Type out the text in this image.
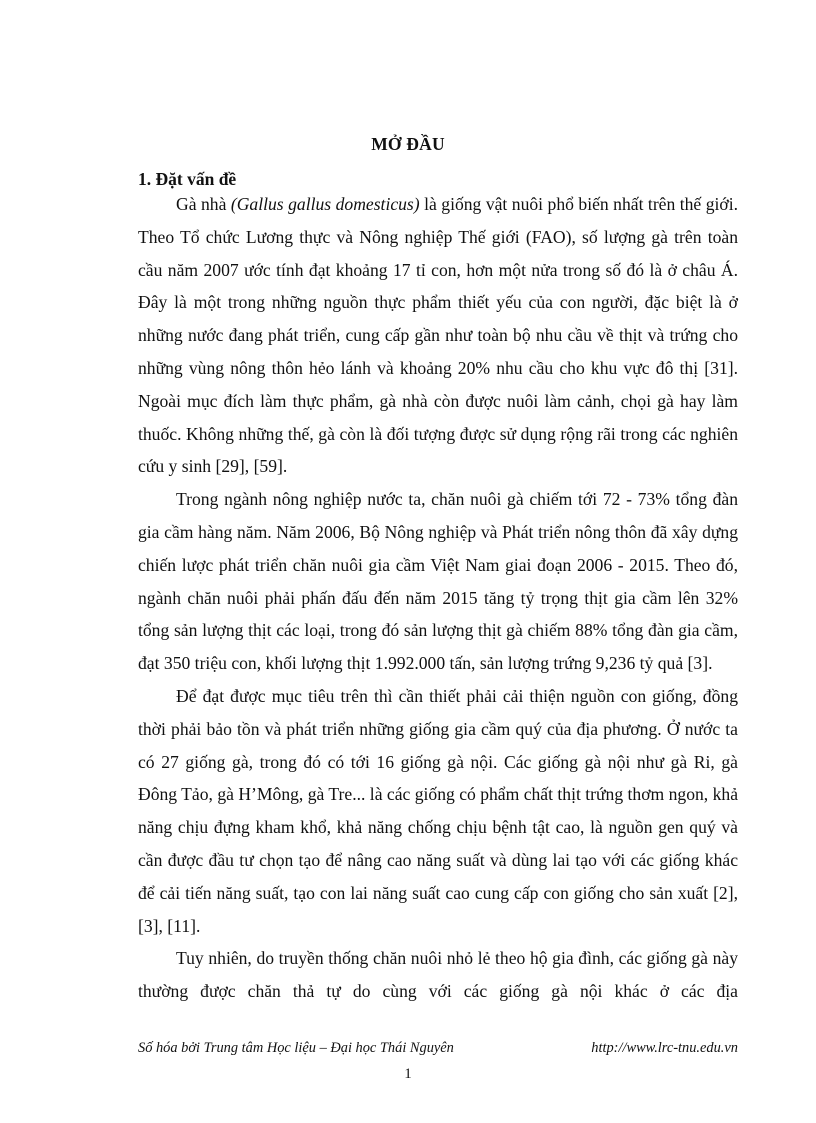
MỞ ĐẦU
1. Đặt vấn đề

Gà nhà (Gallus gallus domesticus) là giống vật nuôi phổ biến nhất trên thế giới. Theo Tổ chức Lương thực và Nông nghiệp Thế giới (FAO), số lượng gà trên toàn cầu năm 2007 ước tính đạt khoảng 17 tỉ con, hơn một nửa trong số đó là ở châu Á. Đây là một trong những nguồn thực phẩm thiết yếu của con người, đặc biệt là ở những nước đang phát triển, cung cấp gần như toàn bộ nhu cầu về thịt và trứng cho những vùng nông thôn hẻo lánh và khoảng 20% nhu cầu cho khu vực đô thị [31]. Ngoài mục đích làm thực phẩm, gà nhà còn được nuôi làm cảnh, chọi gà hay làm thuốc. Không những thế, gà còn là đối tượng được sử dụng rộng rãi trong các nghiên cứu y sinh [29], [59].

Trong ngành nông nghiệp nước ta, chăn nuôi gà chiếm tới 72 - 73% tổng đàn gia cầm hàng năm. Năm 2006, Bộ Nông nghiệp và Phát triển nông thôn đã xây dựng chiến lược phát triển chăn nuôi gia cầm Việt Nam giai đoạn 2006 - 2015. Theo đó, ngành chăn nuôi phải phấn đấu đến năm 2015 tăng tỷ trọng thịt gia cầm lên 32% tổng sản lượng thịt các loại, trong đó sản lượng thịt gà chiếm 88% tổng đàn gia cầm, đạt 350 triệu con, khối lượng thịt 1.992.000 tấn, sản lượng trứng 9,236 tỷ quả [3].

Để đạt được mục tiêu trên thì cần thiết phải cải thiện nguồn con giống, đồng thời phải bảo tồn và phát triển những giống gia cầm quý của địa phương. Ở nước ta có 27 giống gà, trong đó có tới 16 giống gà nội. Các giống gà nội như gà Ri, gà Đông Tảo, gà H’Mông, gà Tre... là các giống có phẩm chất thịt trứng thơm ngon, khả năng chịu đựng kham khổ, khả năng chống chịu bệnh tật cao, là nguồn gen quý và cần được đầu tư chọn tạo để nâng cao năng suất và dùng lai tạo với các giống khác để cải tiến năng suất, tạo con lai năng suất cao cung cấp con giống cho sản xuất [2], [3], [11].

Tuy nhiên, do truyền thống chăn nuôi nhỏ lẻ theo hộ gia đình, các giống gà này thường được chăn thả tự do cùng với các giống gà nội khác ở các địa

Số hóa bởi Trung tâm Học liệu – Đại học Thái Nguyên	http://www.lrc-tnu.edu.vn
1
